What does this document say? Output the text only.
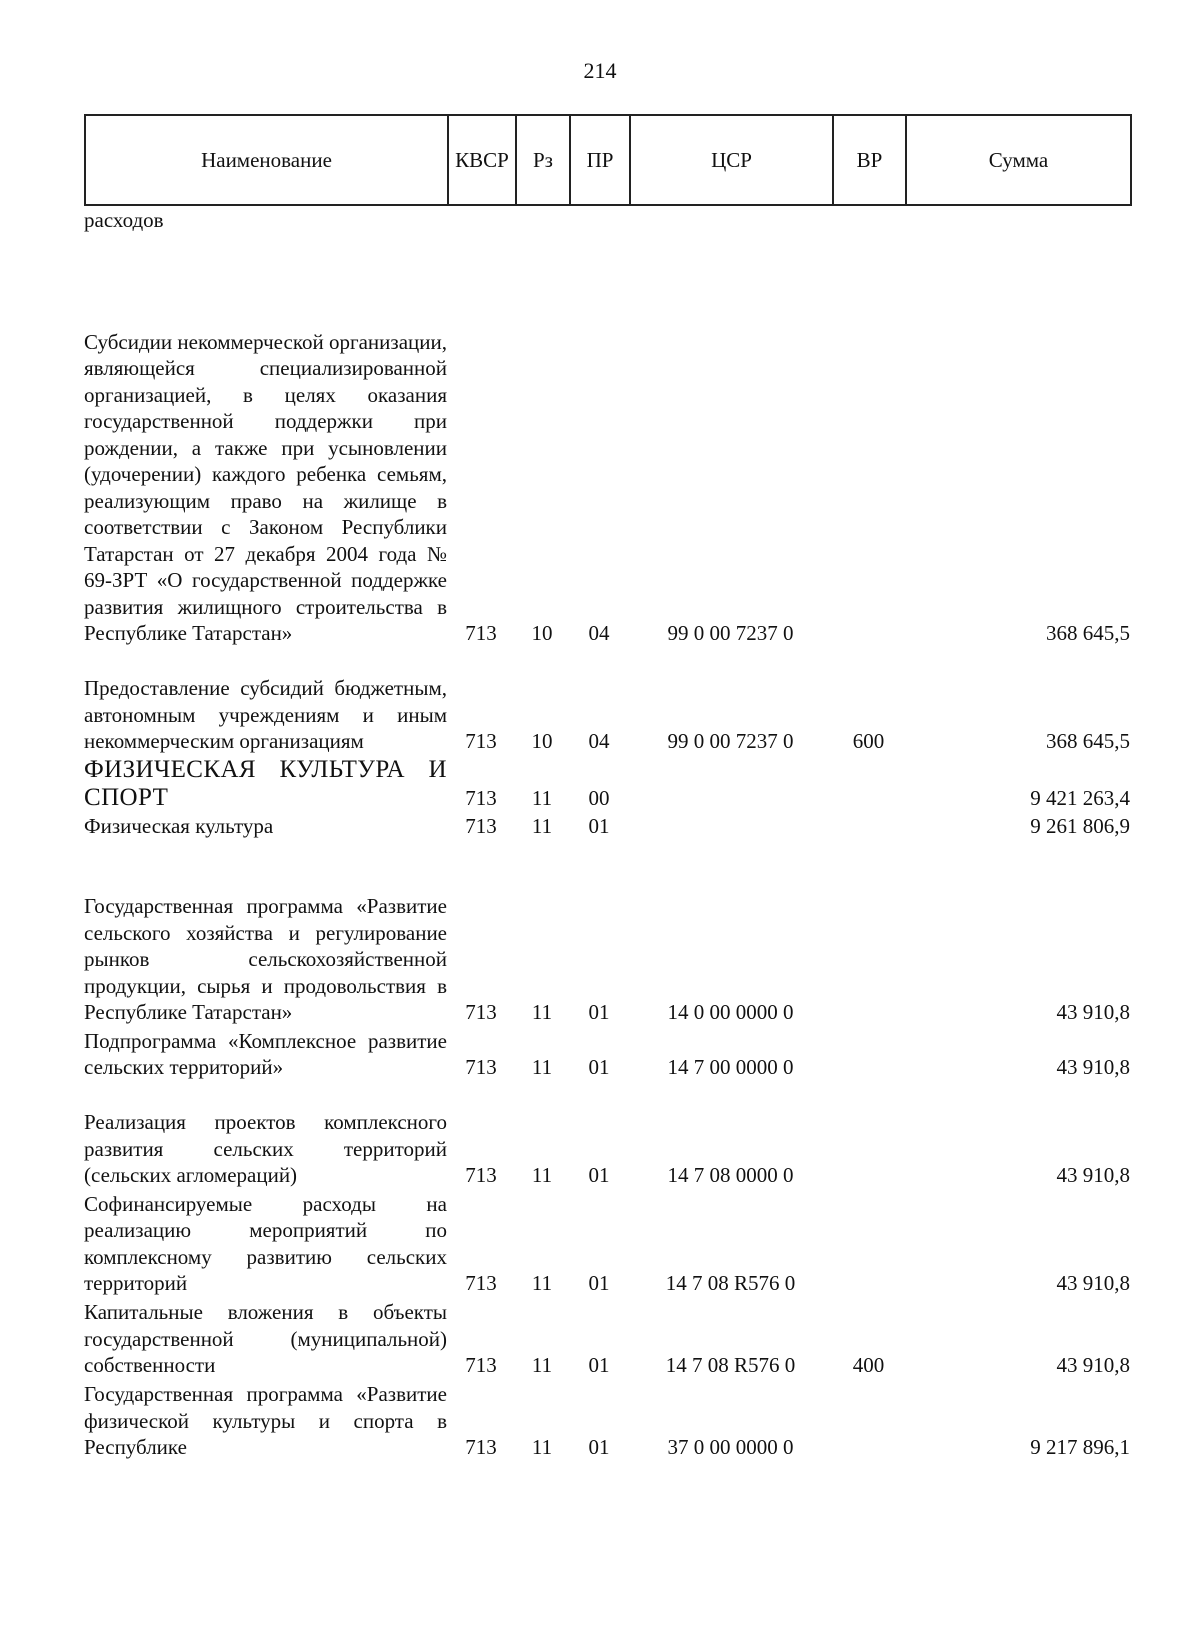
214
Наименование	КВСР	Рз	ПР	ЦСР	ВР	Сумма
расходов						
Субсидии некоммерческой организации, являющейся специализированной организацией, в целях оказания государственной поддержки при рождении, а также при усыновлении (удочерении) каждого ребенка семьям, реализующим право на жилище в соответствии с Законом Республики Татарстан от 27 декабря 2004 года № 69-ЗРТ «О государственной поддержке развития жилищного строительства в Республике Татарстан»	713	10	04	99 0 00 7237 0		368 645,5
Предоставление субсидий бюджетным, автономным учреждениям и иным некоммерческим организациям	713	10	04	99 0 00 7237 0	600	368 645,5
ФИЗИЧЕСКАЯ КУЛЬТУРА И СПОРТ	713	11	00			9 421 263,4
Физическая культура	713	11	01			9 261 806,9
Государственная программа «Развитие сельского хозяйства и регулирование рынков сельскохозяйственной продукции, сырья и продовольствия в Республике Татарстан»	713	11	01	14 0 00 0000 0		43 910,8
Подпрограмма «Комплексное развитие сельских территорий»	713	11	01	14 7 00 0000 0		43 910,8
Реализация проектов комплексного развития сельских территорий (сельских агломераций)	713	11	01	14 7 08 0000 0		43 910,8
Софинансируемые расходы на реализацию мероприятий по комплексному развитию сельских территорий	713	11	01	14 7 08 R576 0		43 910,8
Капитальные вложения в объекты государственной (муниципальной) собственности	713	11	01	14 7 08 R576 0	400	43 910,8
Государственная программа «Развитие физической культуры и спорта в Республике	713	11	01	37 0 00 0000 0		9 217 896,1
